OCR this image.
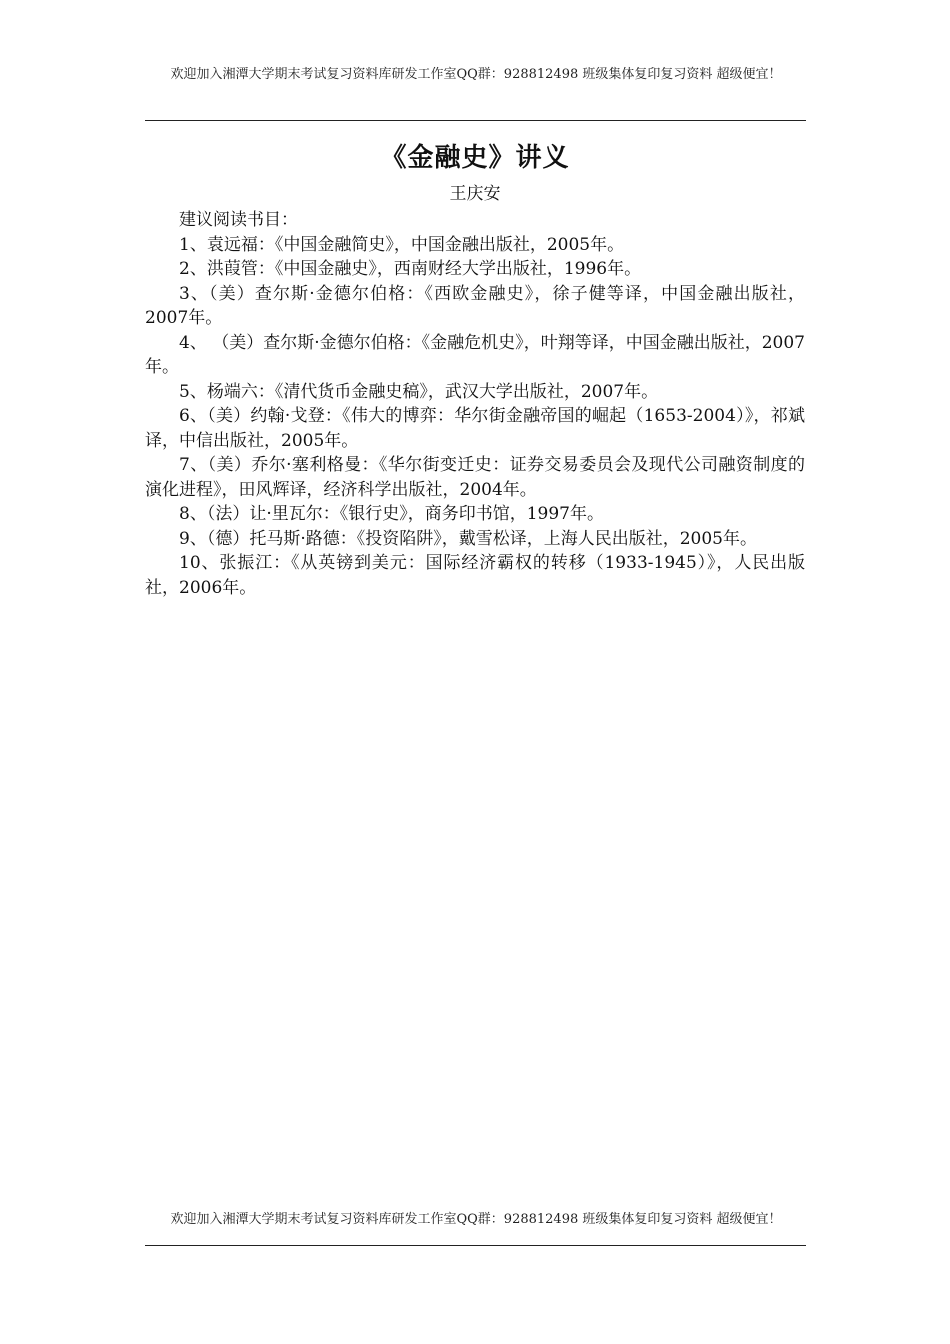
欢迎加入湘潭大学期末考试复习资料库研发工作室QQ群：928812498 班级集体复印复习资料 超级便宜！
《金融史》讲义
王庆安

建议阅读书目：

1、袁远福：《中国金融简史》，中国金融出版社，2005年。
2、洪葭管：《中国金融史》，西南财经大学出版社，1996年。
3、（美）查尔斯·金德尔伯格：《西欧金融史》，徐子健等译，中国金融出版社，2007年。
4、 （美）查尔斯·金德尔伯格：《金融危机史》，叶翔等译，中国金融出版社，2007年。
5、杨端六：《清代货币金融史稿》，武汉大学出版社，2007年。
6、（美）约翰·戈登：《伟大的博弈：华尔街金融帝国的崛起（1653-2004）》，祁斌译，中信出版社，2005年。
7、（美）乔尔·塞利格曼：《华尔街变迁史：证券交易委员会及现代公司融资制度的演化进程》，田风辉译，经济科学出版社，2004年。
8、（法）让·里瓦尔：《银行史》，商务印书馆，1997年。
9、（德）托马斯·路德：《投资陷阱》，戴雪松译，上海人民出版社，2005年。
10、张振江：《从英镑到美元：国际经济霸权的转移（1933-1945）》，人民出版社，2006年。
欢迎加入湘潭大学期末考试复习资料库研发工作室QQ群：928812498 班级集体复印复习资料 超级便宜！
